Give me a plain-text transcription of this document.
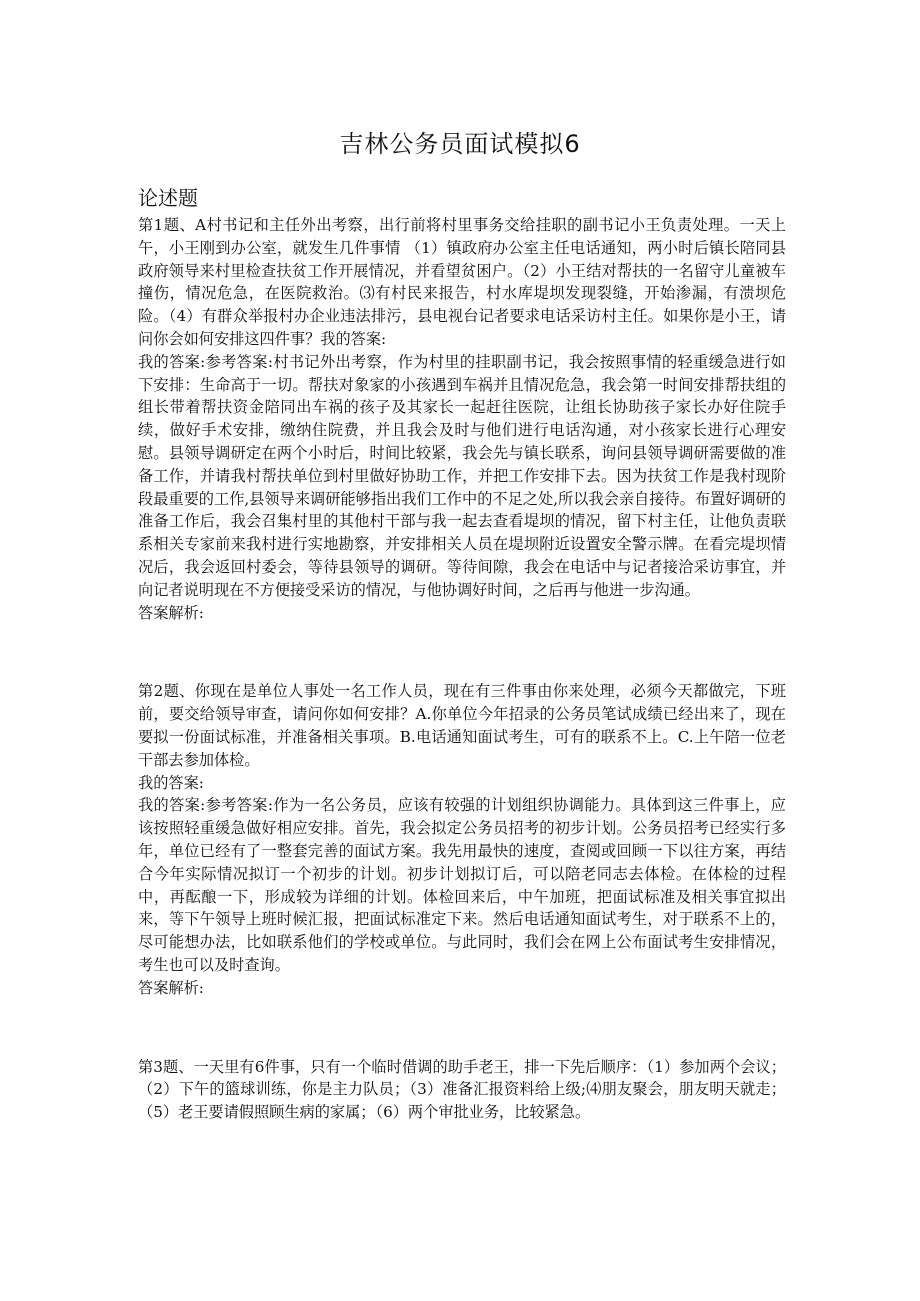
吉林公务员面试模拟6
论述题

第1题、A村书记和主任外出考察，出行前将村里事务交给挂职的副书记小王负责处理。一天上午，小王刚到办公室，就发生几件事情 （1）镇政府办公室主任电话通知，两小时后镇长陪同县政府领导来村里检查扶贫工作开展情况，并看望贫困户。（2）小王结对帮扶的一名留守儿童被车撞伤，情况危急，在医院救治。⑶有村民来报告，村水库堤坝发现裂缝，开始渗漏，有溃坝危险。（4）有群众举报村办企业违法排污，县电视台记者要求电话采访村主任。如果你是小王，请问你会如何安排这四件事？我的答案:

我的答案:参考答案:村书记外出考察，作为村里的挂职副书记，我会按照事情的轻重缓急进行如下安排：生命高于一切。帮扶对象家的小孩遇到车祸并且情况危急，我会第一时间安排帮扶组的组长带着帮扶资金陪同出车祸的孩子及其家长一起赶往医院，让组长协助孩子家长办好住院手续，做好手术安排，缴纳住院费，并且我会及时与他们进行电话沟通，对小孩家长进行心理安慰。县领导调研定在两个小时后，时间比较紧，我会先与镇长联系，询问县领导调研需要做的准备工作，并请我村帮扶单位到村里做好协助工作，并把工作安排下去。因为扶贫工作是我村现阶段最重要的工作,县领导来调研能够指出我们工作中的不足之处,所以我会亲自接待。布置好调研的准备工作后，我会召集村里的其他村干部与我一起去查看堤坝的情况，留下村主任，让他负责联系相关专家前来我村进行实地勘察，并安排相关人员在堤坝附近设置安全警示牌。在看完堤坝情况后，我会返回村委会，等待县领导的调研。等待间隙，我会在电话中与记者接洽采访事宜，并向记者说明现在不方便接受采访的情况，与他协调好时间，之后再与他进一步沟通。

答案解析:

第2题、你现在是单位人事处一名工作人员，现在有三件事由你来处理，必须今天都做完，下班前，要交给领导审查，请问你如何安排？A.你单位今年招录的公务员笔试成绩已经出来了，现在要拟一份面试标准，并准备相关事项。B.电话通知面试考生，可有的联系不上。C.上午陪一位老干部去参加体检。

我的答案:

我的答案:参考答案:作为一名公务员，应该有较强的计划组织协调能力。具体到这三件事上，应该按照轻重缓急做好相应安排。首先，我会拟定公务员招考的初步计划。公务员招考已经实行多年，单位已经有了一整套完善的面试方案。我先用最快的速度，查阅或回顾一下以往方案，再结合今年实际情况拟订一个初步的计划。初步计划拟订后，可以陪老同志去体检。在体检的过程中，再酝酿一下，形成较为详细的计划。体检回来后，中午加班，把面试标准及相关事宜拟出来，等下午领导上班时候汇报，把面试标准定下来。然后电话通知面试考生，对于联系不上的，尽可能想办法，比如联系他们的学校或单位。与此同时，我们会在网上公布面试考生安排情况，考生也可以及时查询。

答案解析:

第3题、一天里有6件事，只有一个临时借调的助手老王，排一下先后顺序：（1）参加两个会议；（2）下午的篮球训练，你是主力队员；（3）准备汇报资料给上级;⑷朋友聚会，朋友明天就走；（5）老王要请假照顾生病的家属；（6）两个审批业务，比较紧急。
